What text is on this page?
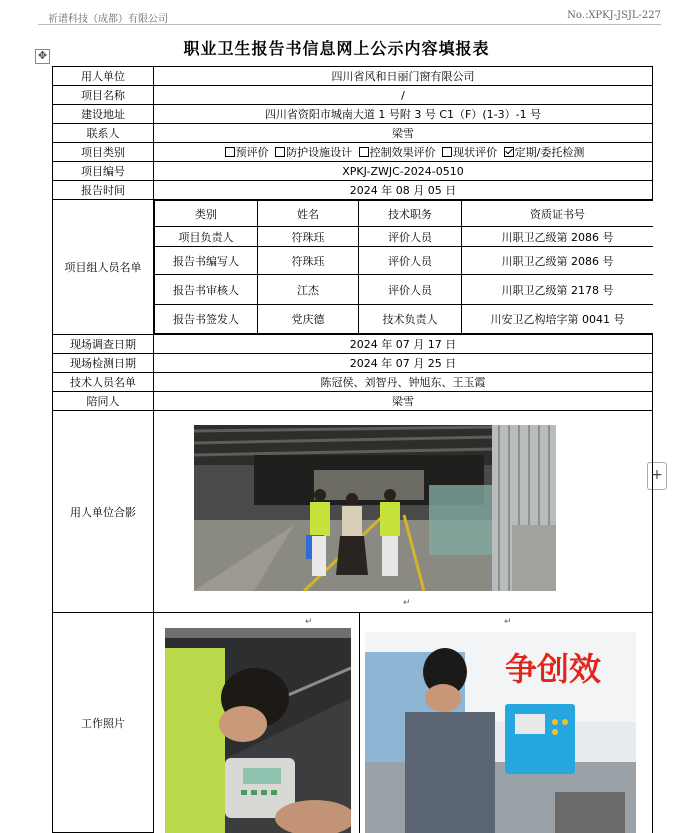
祈谱科技（成都）有限公司	No.:XPKJ-JSJL-227
✥
+
职业卫生报告书信息网上公示内容填报表
用人单位	四川省风和日丽门窗有限公司
项目名称	/
建设地址	四川省资阳市城南大道 1 号附 3 号 C1（F）(1-3）-1 号
联系人	梁雪
项目类别	预评价 防护设施设计 控制效果评价 现状评价 定期/委托检测
项目编号	XPKJ-ZWJC-2024-0510
报告时间	2024 年 08 月 05 日
项目组人员名单	
类别	姓名	技术职务	资质证书号
项目负责人	符珠珏	评价人员	川职卫乙级第 2086 号
报告书编写人	符珠珏	评价人员	川职卫乙级第 2086 号
报告书审核人	江杰	评价人员	川职卫乙级第 2178 号
报告书签发人	党庆德	技术负责人	川安卫乙构培字第 0041 号

现场调查日期	2024 年 07 月 17 日
现场检测日期	2024 年 07 月 25 日
技术人员名单	陈冠侯、刘智丹、钟旭东、王玉霞
陪同人	梁雪
用人单位合影	
↵

工作照片	
争创效
↵	↵
